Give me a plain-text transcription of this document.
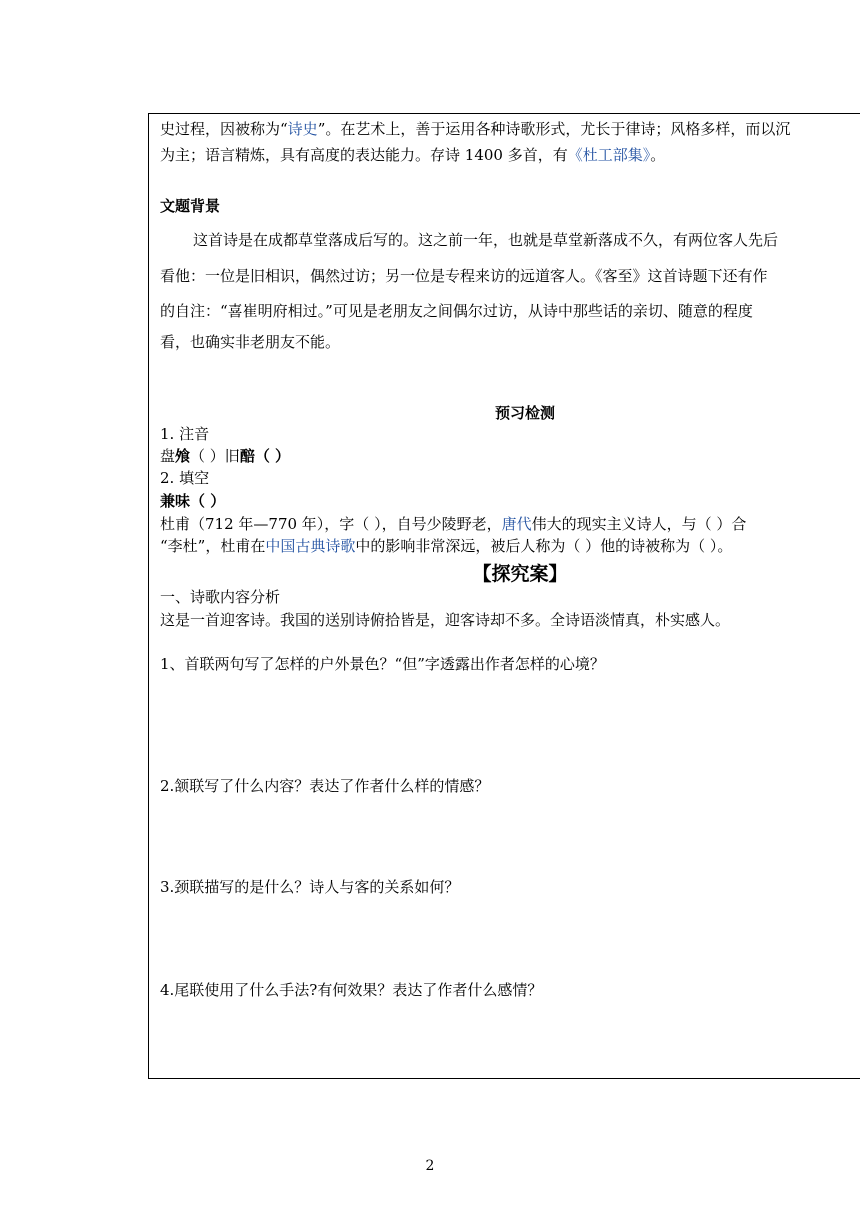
史过程，因被称为“诗史”。在艺术上，善于运用各种诗歌形式，尤长于律诗；风格多样，而以沉
为主；语言精炼，具有高度的表达能力。存诗 1400 多首，有《杜工部集》。
文题背景
这首诗是在成都草堂落成后写的。这之前一年，也就是草堂新落成不久，有两位客人先后
看他：一位是旧相识，偶然过访；另一位是专程来访的远道客人。《客至》这首诗题下还有作
的自注：“喜崔明府相过。”可见是老朋友之间偶尔过访，从诗中那些话的亲切、随意的程度
看，也确实非老朋友不能。
预习检测
1. 注音
盘飧（ ）旧醅（ ）
2. 填空
兼味（ ）
杜甫（712 年—770 年），字（ ），自号少陵野老，唐代伟大的现实主义诗人，与（ ）合
“李杜”，杜甫在中国古典诗歌中的影响非常深远，被后人称为（ ）他的诗被称为（ ）。
【探究案】
一、诗歌内容分析
这是一首迎客诗。我国的送别诗俯拾皆是，迎客诗却不多。全诗语淡情真，朴实感人。
1、首联两句写了怎样的户外景色？“但”字透露出作者怎样的心境？
2.颔联写了什么内容？表达了作者什么样的情感？
3.颈联描写的是什么？诗人与客的关系如何？
4.尾联使用了什么手法?有何效果？表达了作者什么感情？
2
